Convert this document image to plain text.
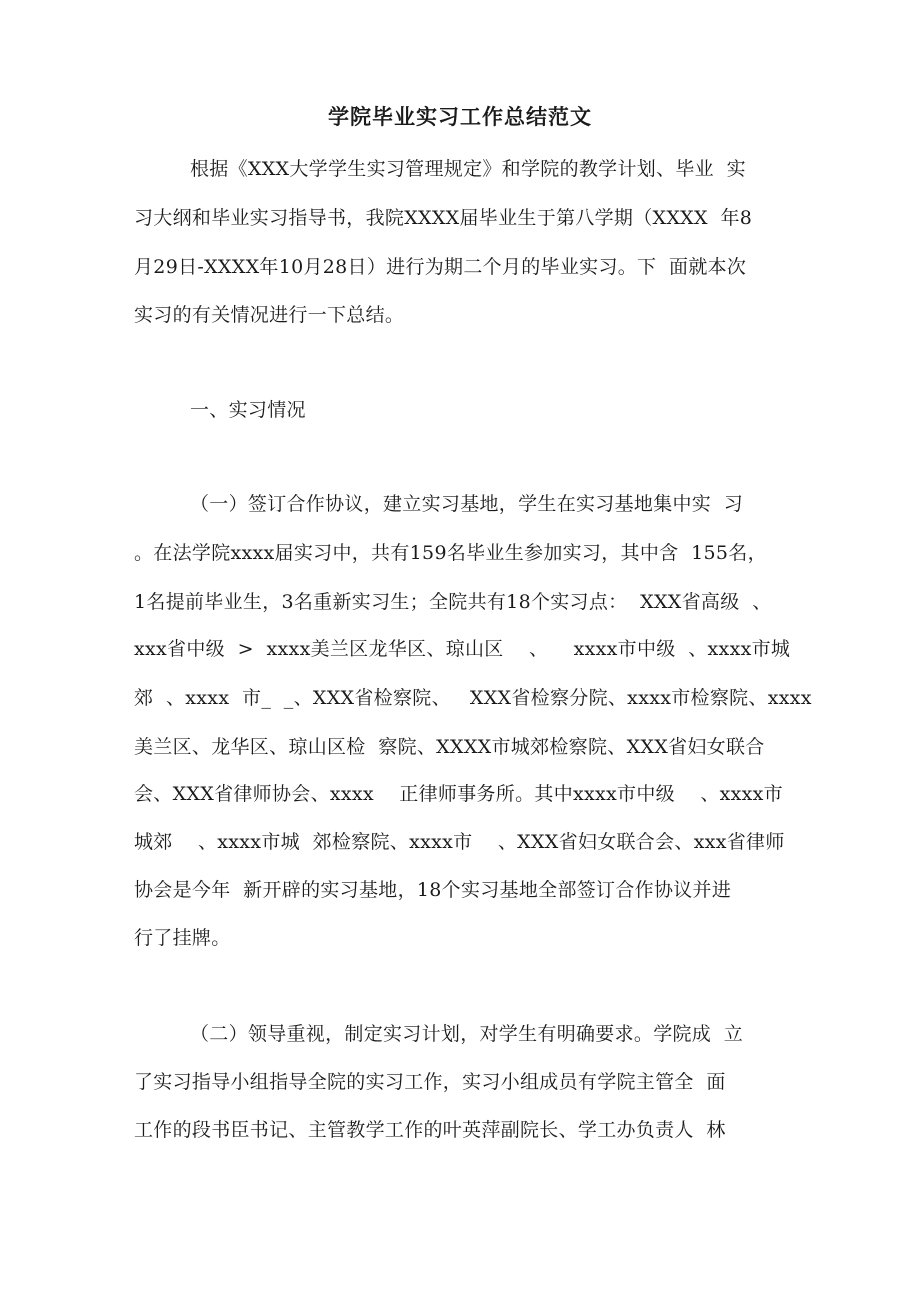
学院毕业实习工作总结范文
根据《XXX大学学生实习管理规定》和学院的教学计划、毕业  实
习大纲和毕业实习指导书，我院XXXX届毕业生于第八学期（XXXX  年8
月29日-XXXX年10月28日）进行为期二个月的毕业实习。下  面就本次
实习的有关情况进行一下总结。
一、实习情况
（一）签订合作协议，建立实习基地，学生在实习基地集中实  习
。在法学院xxxx届实习中，共有159名毕业生参加实习，其中含  155名，
1名提前毕业生，3名重新实习生；全院共有18个实习点：  XXX省高级  、
xxx省中级  >  xxxx美兰区龙华区、琼山区    、    xxxx市中级  、xxxx市城
郊  、xxxx  市_  _、XXX省检察院、   XXX省检察分院、xxxx市检察院、xxxx
美兰区、龙华区、琼山区检  察院、XXXX市城郊检察院、XXX省妇女联合
会、XXX省律师协会、xxxx    正律师事务所。其中xxxx市中级    、xxxx市
城郊    、xxxx市城  郊检察院、xxxx市    、XXX省妇女联合会、xxx省律师
协会是今年  新开辟的实习基地，18个实习基地全部签订合作协议并进
行了挂牌。
（二）领导重视，制定实习计划，对学生有明确要求。学院成  立
了实习指导小组指导全院的实习工作，实习小组成员有学院主管全  面
工作的段书臣书记、主管教学工作的叶英萍副院长、学工办负责人  林
